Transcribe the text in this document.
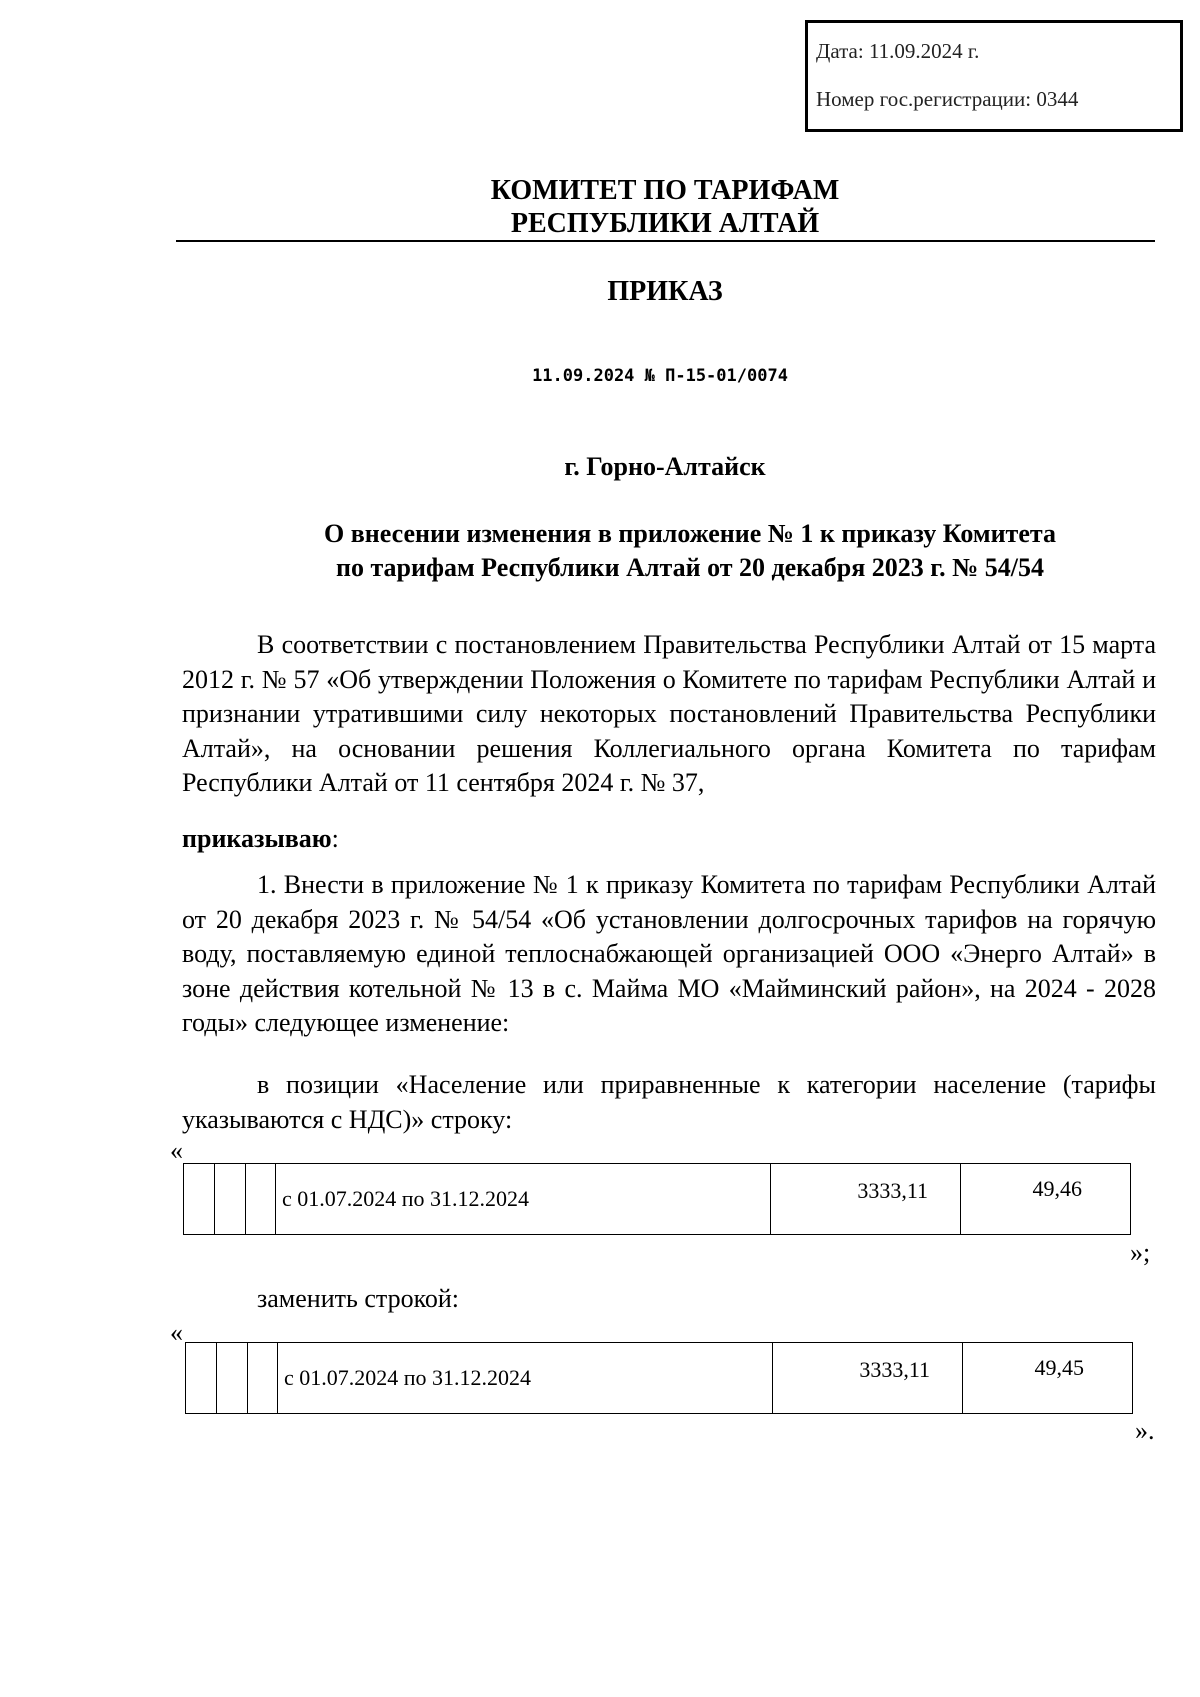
Дата: 11.09.2024 г.
Номер гос.регистрации: 0344
КОМИТЕТ ПО ТАРИФАМ
РЕСПУБЛИКИ АЛТАЙ
ПРИКАЗ
11.09.2024 № П-15-01/0074
г. Горно-Алтайск
О внесении изменения в приложение № 1 к приказу Комитета
по тарифам Республики Алтай от 20 декабря 2023 г. № 54/54

В соответствии с постановлением Правительства Республики Алтай от 15 марта 2012 г. № 57 «Об утверждении Положения о Комитете по тарифам Республики Алтай и признании утратившими силу некоторых постановлений Правительства Республики Алтай», на основании решения Коллегиального органа Комитета по тарифам Республики Алтай от 11 сентября 2024 г. № 37,

приказываю:

1. Внести в приложение № 1 к приказу Комитета по тарифам Республики Алтай от 20 декабря 2023 г. № 54/54 «Об установлении долгосрочных тарифов на горячую воду, поставляемую единой теплоснабжающей организацией ООО «Энерго Алтай» в зоне действия котельной № 13 в с. Майма МО «Майминский район», на 2024 - 2028 годы» следующее изменение:

в позиции «Население или приравненные к категории население (тарифы указываются с НДС)» строку:

«
			с 01.07.2024 по 31.12.2024	3333,11	49,46
»;
заменить строкой:
«
			с 01.07.2024 по 31.12.2024	3333,11	49,45
».
